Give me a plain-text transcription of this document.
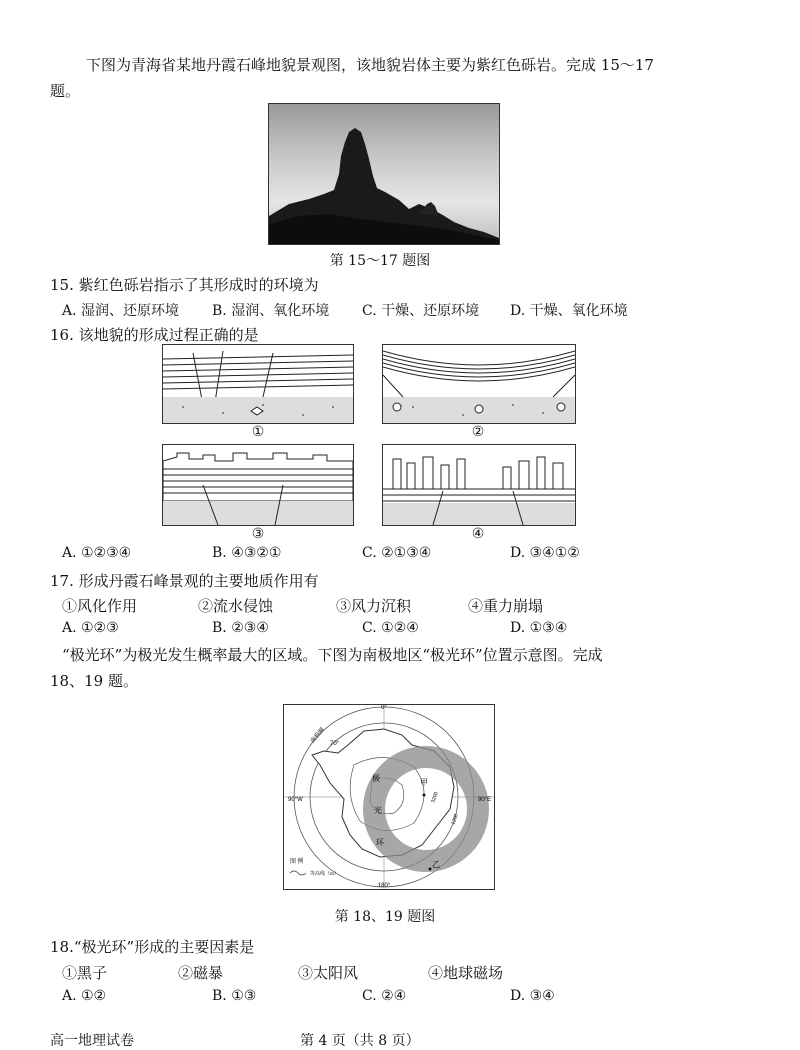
下图为青海省某地丹霞石峰地貌景观图，该地貌岩体主要为紫红色砾岩。完成 15～17
题。
第 15～17 题图
15. 紫红色砾岩指示了其形成时的环境为
A. 湿润、还原环境 B. 湿润、氧化环境 C. 干燥、还原环境 D. 干燥、氧化环境
16. 该地貌的形成过程正确的是
①	②
③	④
A. ①②③④	B. ④③②①	C. ②①③④	D. ③④①②
17. 形成丹霞石峰景观的主要地质作用有
①风化作用	②流水侵蚀	③风力沉积	④重力崩塌
A. ①②③	B. ②③④	C. ①②④	D. ①③④
“极光环”为极光发生概率最大的区域。下图为南极地区“极光环”位置示意图。完成
18、19 题。
0°
180°
90°W	90°E
南极圈 70°
极
光
环
甲
乙
3200
1200
图 例
等高线（m）
第 18、19 题图
18.“极光环”形成的主要因素是
①黑子	②磁暴	③太阳风	④地球磁场
A. ①②	B. ①③	C. ②④	D. ③④
高一地理试卷	第 4 页（共 8 页）
